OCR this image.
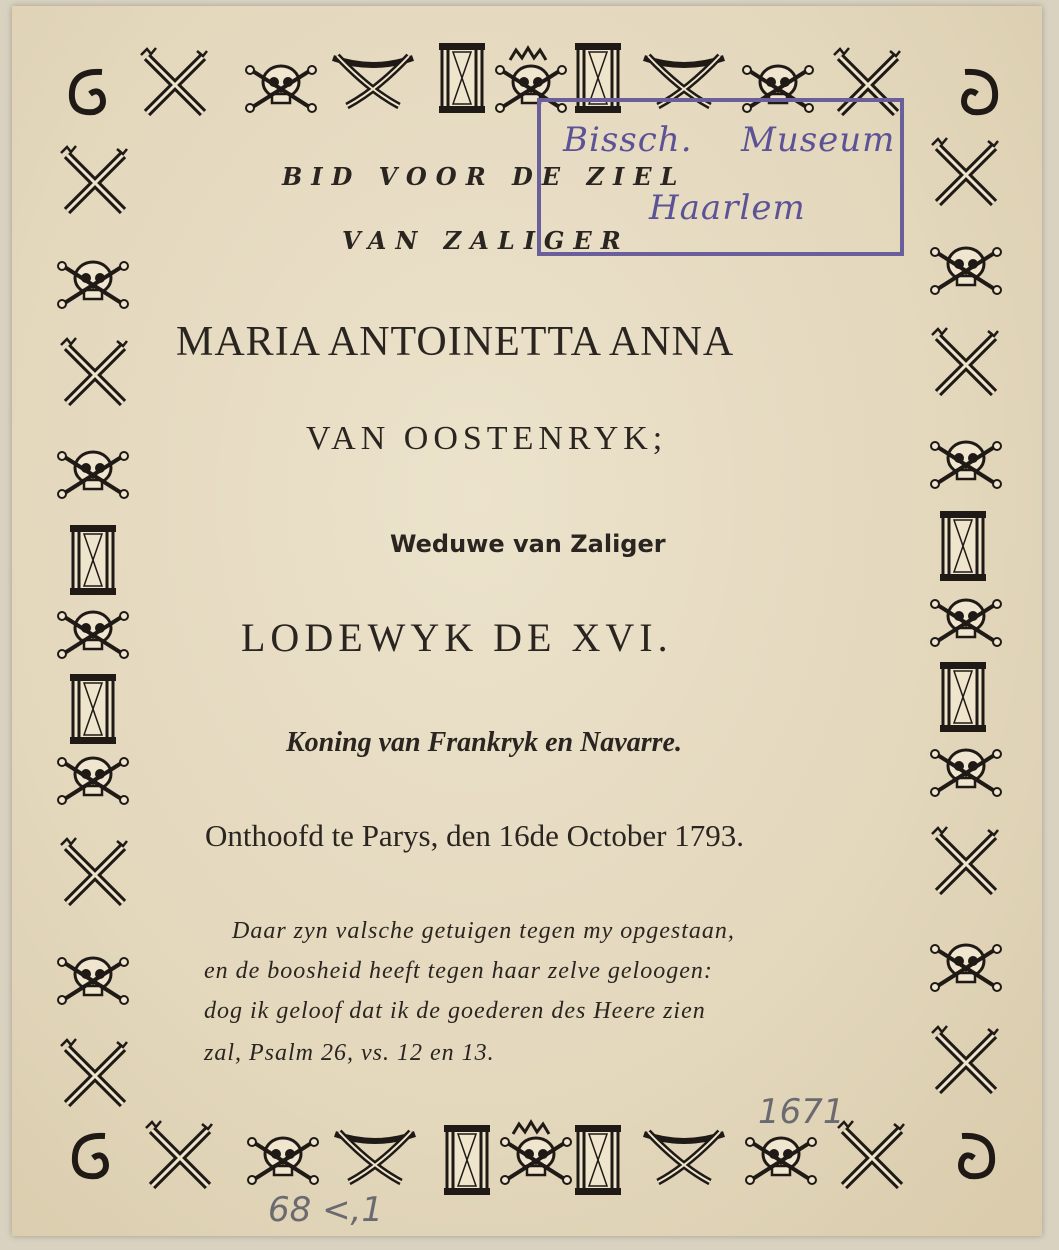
Bissch. Museum
Haarlem
BID VOOR DE ZIEL
VAN ZALIGER
MARIA ANTOINETTA ANNA
VAN OOSTENRYK;
Weduwe van Zaliger
LODEWYK DE XVI.
Koning van Frankryk en Navarre.
Onthoofd te Parys, den 16de October 1793.
Daar zyn valsche getuigen tegen my opgestaan,
en de boosheid heeft tegen haar zelve geloogen:
dog ik geloof dat ik de goederen des Heere zien
zal, Psalm 26, vs. 12 en 13.
1671
68 <,1
